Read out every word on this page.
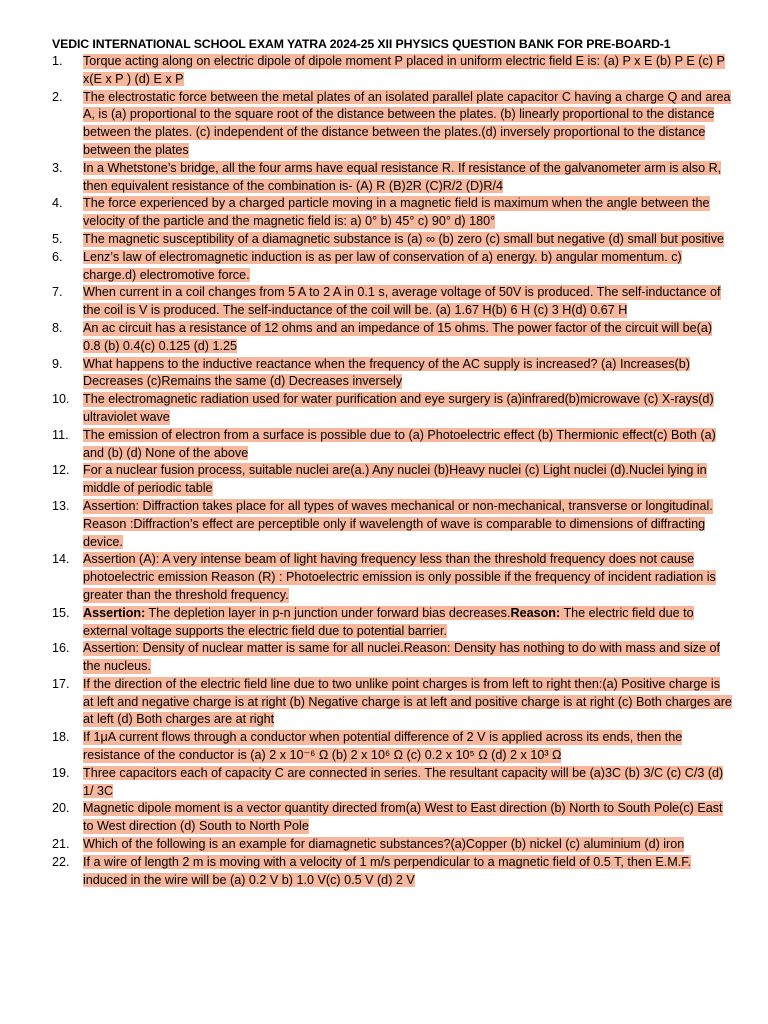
VEDIC INTERNATIONAL SCHOOL EXAM YATRA 2024-25 XII PHYSICS QUESTION BANK FOR PRE-BOARD-1
1.	Torque acting along on electric dipole of dipole moment P placed in uniform electric field E is: (a) P x E (b) P E (c) P x(E x P ) (d) E x P
2.	The electrostatic force between the metal plates of an isolated parallel plate capacitor C having a charge Q and area A, is (a) proportional to the square root of the distance between the plates. (b) linearly proportional to the distance between the plates. (c) independent of the distance between the plates.(d) inversely proportional to the distance between the plates
3.	In a Whetstone’s bridge, all the four arms have equal resistance R. If resistance of the galvanometer arm is also R, then equivalent resistance of the combination is- (A) R (B)2R (C)R/2 (D)R/4
4.	The force experienced by a charged particle moving in a magnetic field is maximum when the angle between the velocity of the particle and the magnetic field is: a) 0° b) 45° c) 90° d) 180°
5.	The magnetic susceptibility of a diamagnetic substance is (a) ∞ (b) zero (c) small but negative (d) small but positive
6.	Lenz’s law of electromagnetic induction is as per law of conservation of a) energy. b) angular momentum. c) charge.d) electromotive force.
7.	When current in a coil changes from 5 A to 2 A in 0.1 s, average voltage of 50V is produced. The self-inductance of the coil is V is produced. The self-inductance of the coil will be. (a) 1.67 H(b) 6 H (c) 3 H(d) 0.67 H
8.	An ac circuit has a resistance of 12 ohms and an impedance of 15 ohms. The power factor of the circuit will be(a) 0.8 (b) 0.4(c) 0.125 (d) 1.25
9.	What happens to the inductive reactance when the frequency of the AC supply is increased? (a) Increases(b) Decreases (c)Remains the same (d) Decreases inversely
10.	The electromagnetic radiation used for water purification and eye surgery is (a)infrared(b)microwave (c) X-rays(d) ultraviolet wave
11.	The emission of electron from a surface is possible due to (a) Photoelectric effect (b) Thermionic effect(c) Both (a) and (b) (d) None of the above
12.	For a nuclear fusion process, suitable nuclei are(a.) Any nuclei (b)Heavy nuclei (c) Light nuclei (d).Nuclei lying in middle of periodic table
13.	Assertion: Diffraction takes place for all types of waves mechanical or non-mechanical, transverse or longitudinal. Reason :Diffraction’s effect are perceptible only if wavelength of wave is comparable to dimensions of diffracting device.
14.	Assertion (A): A very intense beam of light having frequency less than the threshold frequency does not cause photoelectric emission Reason (R) : Photoelectric emission is only possible if the frequency of incident radiation is greater than the threshold frequency.
15.	Assertion: The depletion layer in p-n junction under forward bias decreases.Reason: The electric field due to external voltage supports the electric field due to potential barrier.
16.	Assertion: Density of nuclear matter is same for all nuclei.Reason: Density has nothing to do with mass and size of the nucleus.
17.	If the direction of the electric field line due to two unlike point charges is from left to right then:(a) Positive charge is at left and negative charge is at right (b) Negative charge is at left and positive charge is at right (c) Both charges are at left (d) Both charges are at right
18.	If 1μA current flows through a conductor when potential difference of 2 V is applied across its ends, then the resistance of the conductor is (a) 2 x 10⁻⁶ Ω (b) 2 x 10⁶ Ω (c) 0.2 x 10⁵ Ω (d) 2 x 10³ Ω
19.	Three capacitors each of capacity C are connected in series. The resultant capacity will be (a)3C (b) 3/C (c) C/3 (d) 1/ 3C
20.	Magnetic dipole moment is a vector quantity directed from(a) West to East direction (b) North to South Pole(c) East to West direction (d) South to North Pole
21.	Which of the following is an example for diamagnetic substances?(a)Copper (b) nickel (c) aluminium (d) iron
22.	If a wire of length 2 m is moving with a velocity of 1 m/s perpendicular to a magnetic field of 0.5 T, then E.M.F. induced in the wire will be (a) 0.2 V b) 1.0 V(c) 0.5 V (d) 2 V
